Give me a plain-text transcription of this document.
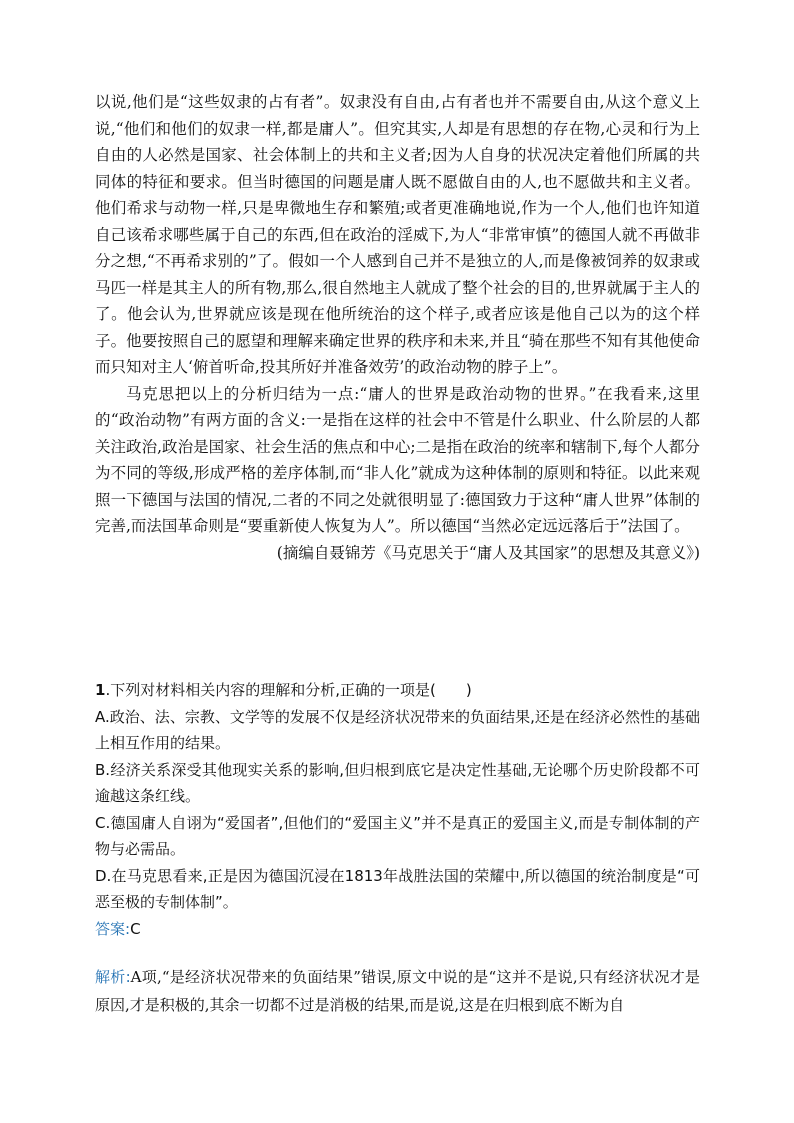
以说,他们是“这些奴隶的占有者”。奴隶没有自由,占有者也并不需要自由,从这个意义上说,“他们和他们的奴隶一样,都是庸人”。但究其实,人却是有思想的存在物,心灵和行为上自由的人必然是国家、社会体制上的共和主义者;因为人自身的状况决定着他们所属的共同体的特征和要求。但当时德国的问题是庸人既不愿做自由的人,也不愿做共和主义者。他们希求与动物一样,只是卑微地生存和繁殖;或者更准确地说,作为一个人,他们也许知道自己该希求哪些属于自己的东西,但在政治的淫威下,为人“非常审慎”的德国人就不再做非分之想,“不再希求别的”了。假如一个人感到自己并不是独立的人,而是像被饲养的奴隶或马匹一样是其主人的所有物,那么,很自然地主人就成了整个社会的目的,世界就属于主人的了。他会认为,世界就应该是现在他所统治的这个样子,或者应该是他自己以为的这个样子。他要按照自己的愿望和理解来确定世界的秩序和未来,并且“骑在那些不知有其他使命而只知对主人‘俯首听命,投其所好并准备效劳’的政治动物的脖子上”。

马克思把以上的分析归结为一点:“庸人的世界是政治动物的世界。”在我看来,这里的“政治动物”有两方面的含义:一是指在这样的社会中不管是什么职业、什么阶层的人都关注政治,政治是国家、社会生活的焦点和中心;二是指在政治的统率和辖制下,每个人都分为不同的等级,形成严格的差序体制,而“非人化”就成为这种体制的原则和特征。以此来观照一下德国与法国的情况,二者的不同之处就很明显了:德国致力于这种“庸人世界”体制的完善,而法国革命则是“要重新使人恢复为人”。所以德国“当然必定远远落后于”法国了。

(摘编自聂锦芳《马克思关于“庸人及其国家”的思想及其意义》)

1.下列对材料相关内容的理解和分析,正确的一项是(　　)

A.政治、法、宗教、文学等的发展不仅是经济状况带来的负面结果,还是在经济必然性的基础上相互作用的结果。

B.经济关系深受其他现实关系的影响,但归根到底它是决定性基础,无论哪个历史阶段都不可逾越这条红线。

C.德国庸人自诩为“爱国者”,但他们的“爱国主义”并不是真正的爱国主义,而是专制体制的产物与必需品。

D.在马克思看来,正是因为德国沉浸在1813年战胜法国的荣耀中,所以德国的统治制度是“可恶至极的专制体制”。

答案:C

解析:A项,“是经济状况带来的负面结果”错误,原文中说的是“这并不是说,只有经济状况才是原因,才是积极的,其余一切都不过是消极的结果,而是说,这是在归根到底不断为自
